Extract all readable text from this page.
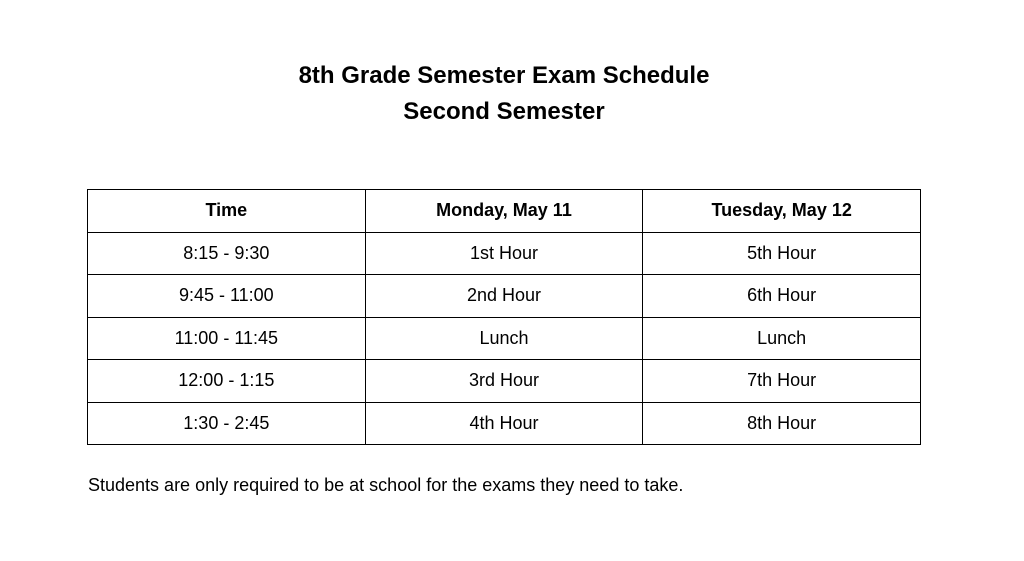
8th Grade Semester Exam Schedule
Second Semester
Time	Monday, May 11	Tuesday, May 12
8:15 - 9:30	1st Hour	5th Hour
9:45 - 11:00	2nd Hour	6th Hour
11:00 - 11:45	Lunch	Lunch
12:00 - 1:15	3rd Hour	7th Hour
1:30 - 2:45	4th Hour	8th Hour
Students are only required to be at school for the exams they need to take.
